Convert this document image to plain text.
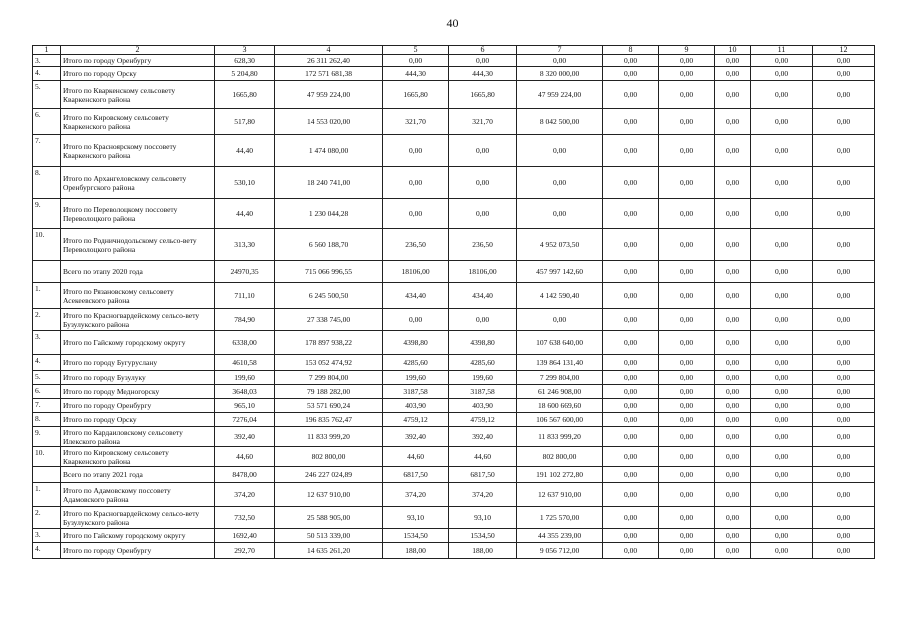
40
1	2	3	4	5	6	7	8	9	10	11	12
3.	Итого по городу Оренбургу	628,30	26 311 262,40	0,00	0,00	0,00	0,00	0,00	0,00	0,00	0,00
4.	Итого по городу Орску	5 204,80	172 571 681,38	444,30	444,30	8 320 000,00	0,00	0,00	0,00	0,00	0,00
5.	Итого по Кваркенскому сельсовету Кваркенского района	1665,80	47 959 224,00	1665,80	1665,80	47 959 224,00	0,00	0,00	0,00	0,00	0,00
6.	Итого по Кировскому сельсовету Кваркенского района	517,80	14 553 020,00	321,70	321,70	8 042 500,00	0,00	0,00	0,00	0,00	0,00
7.	Итого по Красноярскому поссовету Кваркенского района	44,40	1 474 080,00	0,00	0,00	0,00	0,00	0,00	0,00	0,00	0,00
8.	Итого по Архангеловскому сельсовету Оренбургского района	530,10	18 240 741,00	0,00	0,00	0,00	0,00	0,00	0,00	0,00	0,00
9.	Итого по Переволоцкому поссовету Переволоцкого района	44,40	1 230 044,28	0,00	0,00	0,00	0,00	0,00	0,00	0,00	0,00
10.	Итого по Родничнодольскому сельсо-вету Переволоцкого района	313,30	6 560 188,70	236,50	236,50	4 952 073,50	0,00	0,00	0,00	0,00	0,00
	Всего по этапу 2020 года	24970,35	715 066 996,55	18106,00	18106,00	457 997 142,60	0,00	0,00	0,00	0,00	0,00
1.	Итого по Рязановскому сельсовету Асекеевского района	711,10	6 245 500,50	434,40	434,40	4 142 590,40	0,00	0,00	0,00	0,00	0,00
2.	Итого по Красногвардейскому сельсо-вету Бузулукского района	784,90	27 338 745,00	0,00	0,00	0,00	0,00	0,00	0,00	0,00	0,00
3.	Итого по Гайскому городскому округу	6338,00	178 897 938,22	4398,80	4398,80	107 638 640,00	0,00	0,00	0,00	0,00	0,00
4.	Итого по городу Бугуруслану	4610,58	153 052 474,92	4285,60	4285,60	139 864 131,40	0,00	0,00	0,00	0,00	0,00
5.	Итого по городу Бузулуку	199,60	7 299 804,00	199,60	199,60	7 299 804,00	0,00	0,00	0,00	0,00	0,00
6.	Итого по городу Медногорску	3648,03	79 188 282,00	3187,58	3187,58	61 246 908,00	0,00	0,00	0,00	0,00	0,00
7.	Итого по городу Оренбургу	965,10	53 571 690,24	403,90	403,90	18 600 669,60	0,00	0,00	0,00	0,00	0,00
8.	Итого по городу Орску	7276,04	196 835 762,47	4759,12	4759,12	106 567 600,00	0,00	0,00	0,00	0,00	0,00
9.	Итого по Кардаиловскому сельсовету Илекского района	392,40	11 833 999,20	392,40	392,40	11 833 999,20	0,00	0,00	0,00	0,00	0,00
10.	Итого по Кировскому сельсовету Кваркенского района	44,60	802 800,00	44,60	44,60	802 800,00	0,00	0,00	0,00	0,00	0,00
	Всего по этапу 2021 года	8478,00	246 227 024,89	6817,50	6817,50	191 102 272,80	0,00	0,00	0,00	0,00	0,00
1.	Итого по Адамовскому поссовету Адамовского района	374,20	12 637 910,00	374,20	374,20	12 637 910,00	0,00	0,00	0,00	0,00	0,00
2.	Итого по Красногвардейскому сельсо-вету Бузулукского района	732,50	25 588 905,00	93,10	93,10	1 725 570,00	0,00	0,00	0,00	0,00	0,00
3.	Итого по Гайскому городскому округу	1692,40	50 513 339,00	1534,50	1534,50	44 355 239,00	0,00	0,00	0,00	0,00	0,00
4.	Итого по городу Оренбургу	292,70	14 635 261,20	188,00	188,00	9 056 712,00	0,00	0,00	0,00	0,00	0,00
